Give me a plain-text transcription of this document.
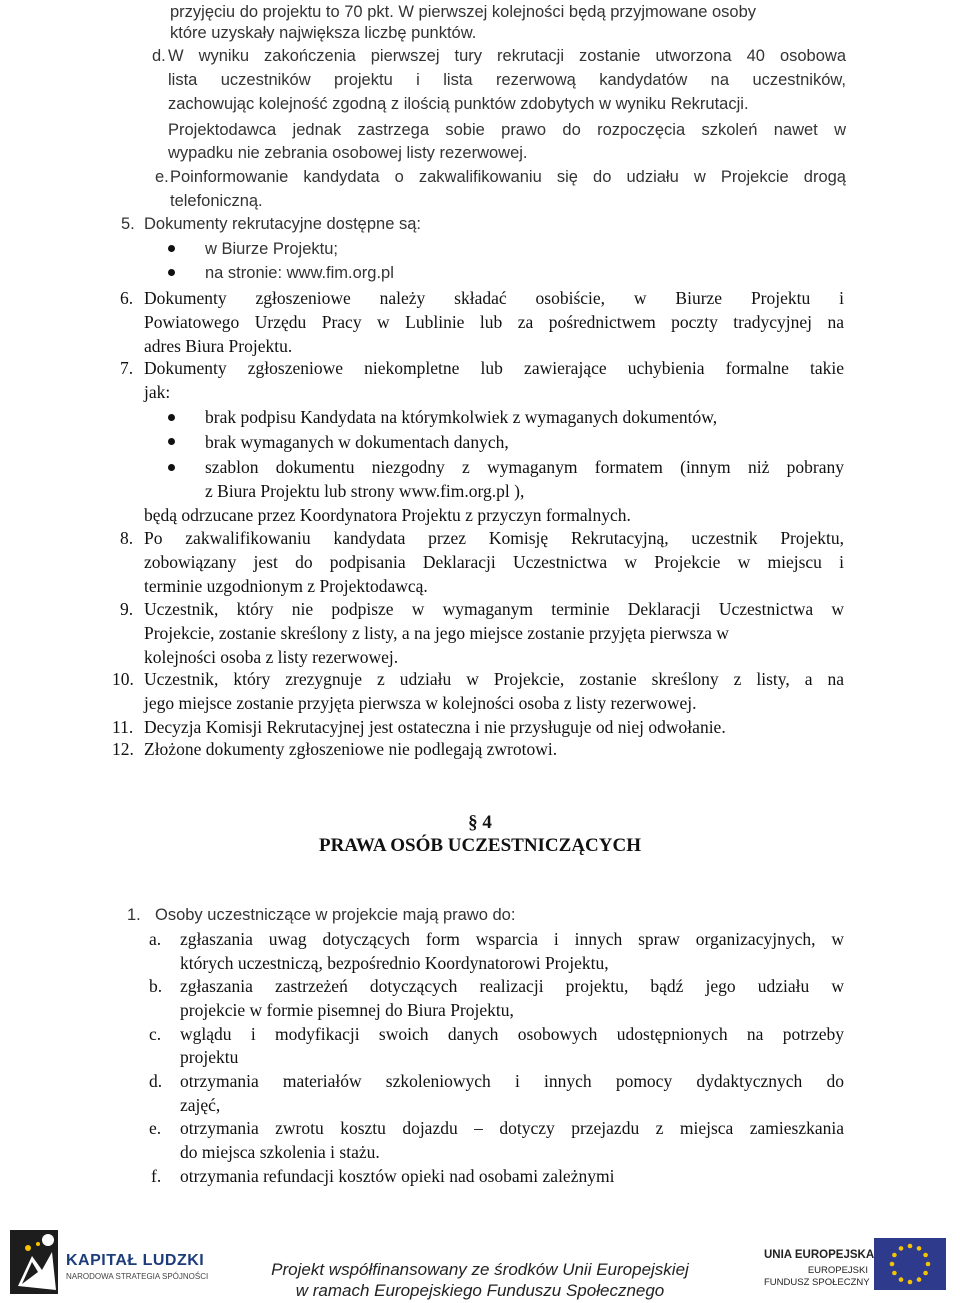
przyjęciu do projektu to 70 pkt. W pierwszej kolejności będą przyjmowane osoby
które uzyskały największa liczbę punktów.
d. W wyniku zakończenia pierwszej tury rekrutacji zostanie utworzona 40 osobowa
lista uczestników projektu i lista rezerwową kandydatów na uczestników,
zachowując kolejność zgodną z ilością punktów zdobytych w wyniku Rekrutacji.
Projektodawca jednak zastrzega sobie prawo do rozpoczęcia szkoleń nawet w
wypadku nie zebrania osobowej listy rezerwowej.
e. Poinformowanie kandydata o zakwalifikowaniu się do udziału w Projekcie drogą
telefoniczną.
5. Dokumenty rekrutacyjne dostępne są:
w Biurze Projektu;
na stronie: www.fim.org.pl
6. Dokumenty zgłoszeniowe należy składać osobiście, w Biurze Projektu i
Powiatowego Urzędu Pracy w Lublinie lub za pośrednictwem poczty tradycyjnej na
adres Biura Projektu.
7. Dokumenty zgłoszeniowe niekompletne lub zawierające uchybienia formalne takie
jak:
brak podpisu Kandydata na którymkolwiek z wymaganych dokumentów,
brak wymaganych w dokumentach danych,
szablon dokumentu niezgodny z wymaganym formatem (innym niż pobrany
z Biura Projektu lub strony www.fim.org.pl ),
będą odrzucane przez Koordynatora Projektu z przyczyn formalnych.
8. Po zakwalifikowaniu kandydata przez Komisję Rekrutacyjną, uczestnik Projektu,
zobowiązany jest do podpisania Deklaracji Uczestnictwa w Projekcie w miejscu i
terminie uzgodnionym z Projektodawcą.
9. Uczestnik, który nie podpisze w wymaganym terminie Deklaracji Uczestnictwa w
Projekcie, zostanie skreślony z listy, a na jego miejsce zostanie przyjęta pierwsza w
kolejności osoba z listy rezerwowej.
10. Uczestnik, który zrezygnuje z udziału w Projekcie, zostanie skreślony z listy, a na
jego miejsce zostanie przyjęta pierwsza w kolejności osoba z listy rezerwowej.
11. Decyzja Komisji Rekrutacyjnej jest ostateczna i nie przysługuje od niej odwołanie.
12. Złożone dokumenty zgłoszeniowe nie podlegają zwrotowi.
§ 4
PRAWA OSÓB UCZESTNICZĄCYCH
1. Osoby uczestniczące w projekcie mają prawo do:
a. zgłaszania uwag dotyczących form wsparcia i innych spraw organizacyjnych, w
których uczestniczą, bezpośrednio Koordynatorowi Projektu,
b. zgłaszania zastrzeżeń dotyczących realizacji projektu, bądź jego udziału w
projekcie w formie pisemnej do Biura Projektu,
c. wglądu i modyfikacji swoich danych osobowych udostępnionych na potrzeby
projektu
d. otrzymania materiałów szkoleniowych i innych pomocy dydaktycznych do
zajęć,
e. otrzymania zwrotu kosztu dojazdu – dotyczy przejazdu z miejsca zamieszkania
do miejsca szkolenia i stażu.
f. otrzymania refundacji kosztów opieki nad osobami zależnymi
KAPITAŁ LUDZKI
NARODOWA STRATEGIA SPÓJNOŚCI	Projekt współfinansowany ze środków Unii Europejskiej
w ramach Europejskiego Funduszu Społecznego
UNIA EUROPEJSKA
EUROPEJSKI
FUNDUSZ SPOŁECZNY
